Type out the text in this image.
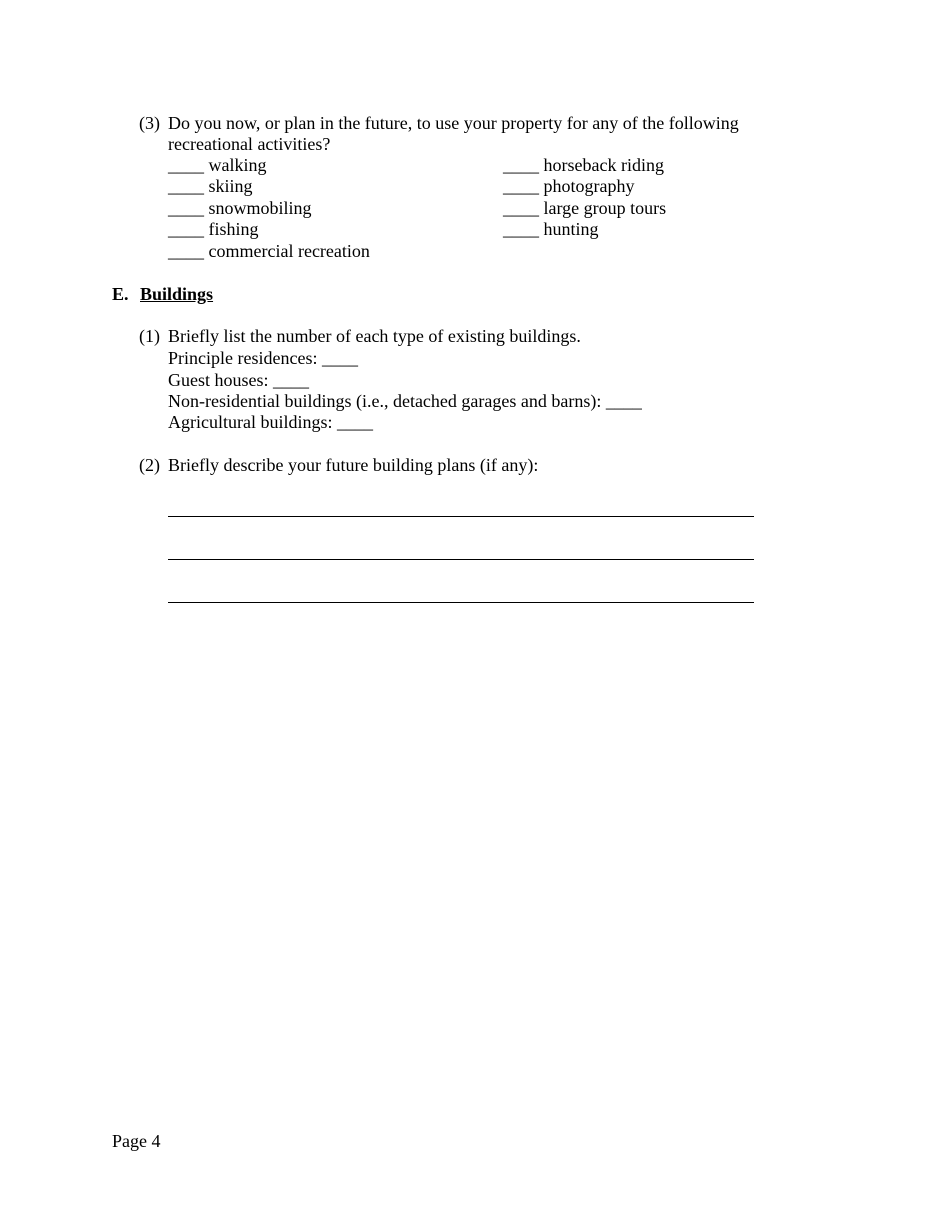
(3) Do you now, or plan in the future, to use your property for any of the following
recreational activities?
____ walking
____ skiing
____ snowmobiling
____ fishing
____ commercial recreation
____ horseback riding
____ photography
____ large group tours
____ hunting
E. Buildings
(1) Briefly list the number of each type of existing buildings.
Principle residences: ____
Guest houses: ____
Non-residential buildings (i.e., detached garages and barns): ____
Agricultural buildings: ____
(2) Briefly describe your future building plans (if any):
Page 4
